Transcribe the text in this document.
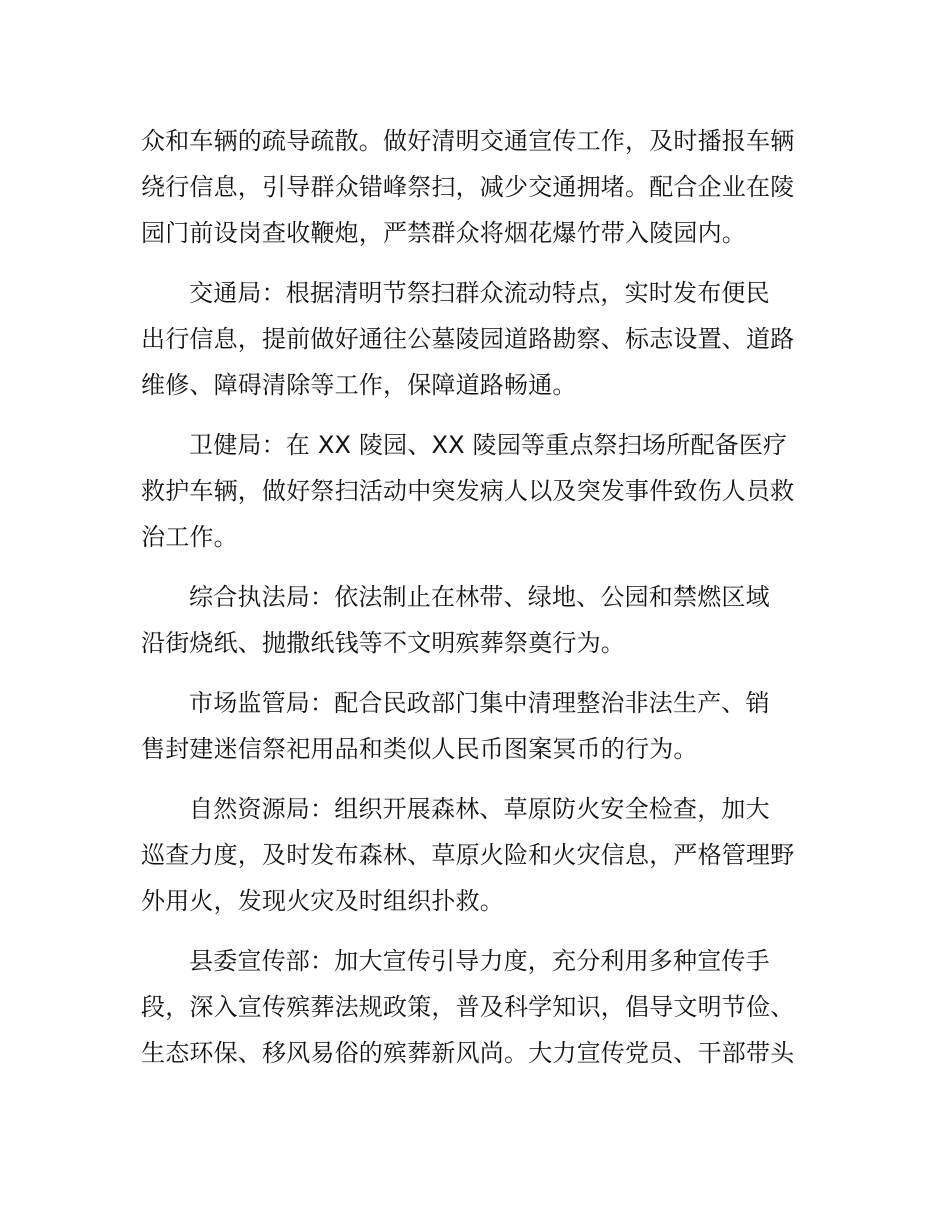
众和车辆的疏导疏散。做好清明交通宣传工作，及时播报车辆
绕行信息，引导群众错峰祭扫，减少交通拥堵。配合企业在陵
园门前设岗查收鞭炮，严禁群众将烟花爆竹带入陵园内。

交通局：根据清明节祭扫群众流动特点，实时发布便民
出行信息，提前做好通往公墓陵园道路勘察、标志设置、道路
维修、障碍清除等工作，保障道路畅通。

卫健局：在 XX 陵园、XX 陵园等重点祭扫场所配备医疗
救护车辆，做好祭扫活动中突发病人以及突发事件致伤人员救
治工作。

综合执法局：依法制止在林带、绿地、公园和禁燃区域
沿街烧纸、抛撒纸钱等不文明殡葬祭奠行为。

市场监管局：配合民政部门集中清理整治非法生产、销
售封建迷信祭祀用品和类似人民币图案冥币的行为。

自然资源局：组织开展森林、草原防火安全检查，加大
巡查力度，及时发布森林、草原火险和火灾信息，严格管理野
外用火，发现火灾及时组织扑救。

县委宣传部：加大宣传引导力度，充分利用多种宣传手
段，深入宣传殡葬法规政策，普及科学知识，倡导文明节俭、
生态环保、移风易俗的殡葬新风尚。大力宣传党员、干部带头
